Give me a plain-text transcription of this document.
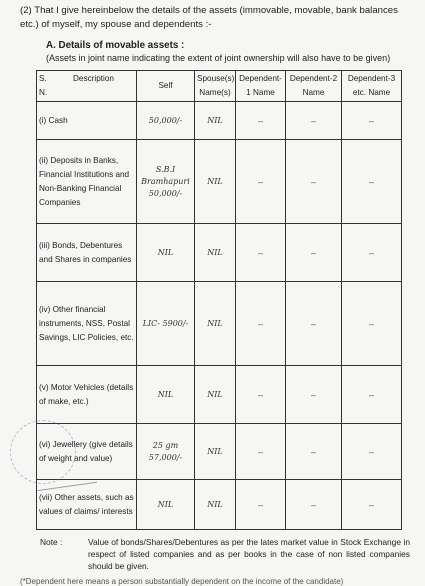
(2) That I give hereinbelow the details of the assets (immovable, movable, bank balances etc.) of myself, my spouse and dependents :-
A. Details of movable assets :
(Assets in joint name indicating the extent of joint ownership will also have to be given)
S. N.
Description	Self	Spouse(s) Name(s)	Dependent-1 Name	Dependent-2 Name	Dependent-3 etc. Name
(i) Cash	50,000/-	NIL	–	–	–
(ii) Deposits in Banks, Financial Institutions and Non-Banking Financial Companies	S.B.I Bramhapuri 50,000/-	NIL	–	–	–
(iii) Bonds, Debentures and Shares in companies	NIL	NIL	–	–	–
(iv) Other financial instruments, NSS, Postal Savings, LIC Policies, etc.	LIC- 5900/-	NIL	–	–	–
(v) Motor Vehicles (details of make, etc.)	NIL	NIL	–	–	–
(vi) Jewellery (give details of weight and value)	25 gm 57,000/-	NIL	–	–	–
(vii) Other assets, such as values of claims/ interests	NIL	NIL	–	–	–
Note :	Value of bonds/Shares/Debentures as per the lates market value in Stock Exchange in respect of listed companies and as per books in the case of non listed companies should be given.
(*Dependent here means a person substantially dependent on the income of the candidate)
